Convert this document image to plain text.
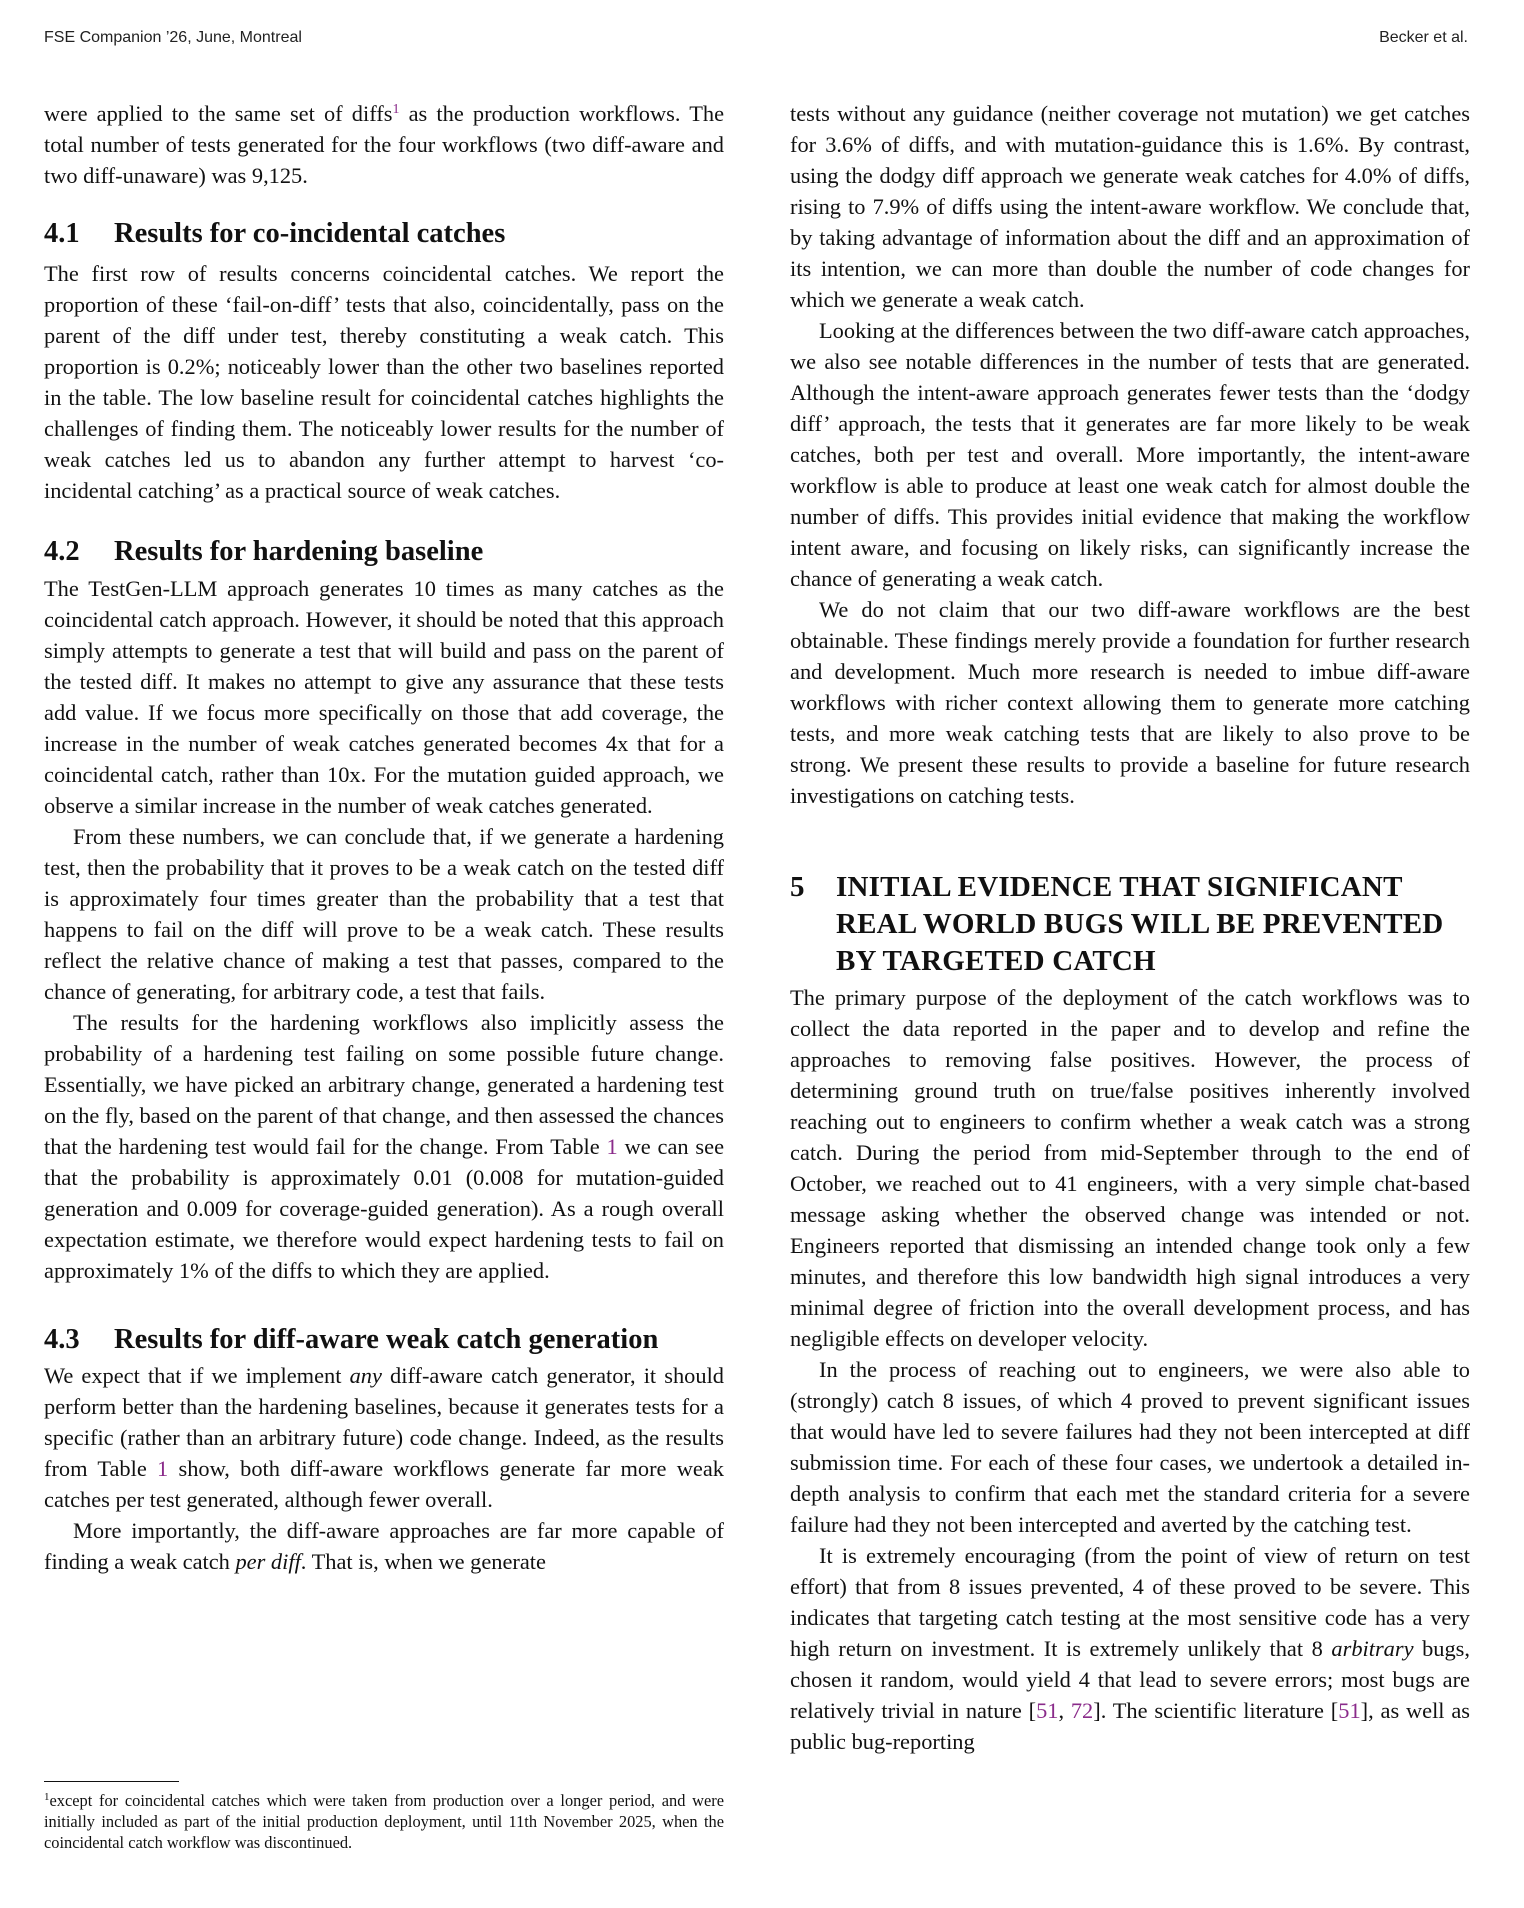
FSE Companion ’26, June, Montreal	Becker et al.

were applied to the same set of diffs$^1$ as the production workflows. The total number of tests generated for the four workflows (two diff-aware and two diff-unaware) was 9,125.

4.1	Results for co-incidental catches

The first row of results concerns coincidental catches. We report the proportion of these ‘fail-on-diff’ tests that also, coincidentally, pass on the parent of the diff under test, thereby constituting a weak catch. This proportion is 0.2%; noticeably lower than the other two baselines reported in the table. The low baseline result for coincidental catches highlights the challenges of finding them. The noticeably lower results for the number of weak catches led us to abandon any further attempt to harvest ‘co-incidental catching’ as a practical source of weak catches.

4.2	Results for hardening baseline

The TestGen-LLM approach generates 10 times as many catches as the coincidental catch approach. However, it should be noted that this approach simply attempts to generate a test that will build and pass on the parent of the tested diff. It makes no attempt to give any assurance that these tests add value. If we focus more specifically on those that add coverage, the increase in the number of weak catches generated becomes 4x that for a coincidental catch, rather than 10x. For the mutation guided approach, we observe a similar increase in the number of weak catches generated.

From these numbers, we can conclude that, if we generate a hardening test, then the probability that it proves to be a weak catch on the tested diff is approximately four times greater than the probability that a test that happens to fail on the diff will prove to be a weak catch. These results reflect the relative chance of making a test that passes, compared to the chance of generating, for arbitrary code, a test that fails.

The results for the hardening workflows also implicitly assess the probability of a hardening test failing on some possible future change. Essentially, we have picked an arbitrary change, generated a hardening test on the fly, based on the parent of that change, and then assessed the chances that the hardening test would fail for the change. From Table 1 we can see that the probability is approximately 0.01 (0.008 for mutation-guided generation and 0.009 for coverage-guided generation). As a rough overall expectation estimate, we therefore would expect hardening tests to fail on approximately 1% of the diffs to which they are applied.

4.3	Results for diff-aware weak catch generation

We expect that if we implement any diff-aware catch generator, it should perform better than the hardening baselines, because it generates tests for a specific (rather than an arbitrary future) code change. Indeed, as the results from Table 1 show, both diff-aware workflows generate far more weak catches per test generated, although fewer overall.

More importantly, the diff-aware approaches are far more capable of finding a weak catch per diff. That is, when we generate

$^1$except for coincidental catches which were taken from production over a longer period, and were initially included as part of the initial production deployment, until 11th November 2025, when the coincidental catch workflow was discontinued.

tests without any guidance (neither coverage not mutation) we get catches for 3.6% of diffs, and with mutation-guidance this is 1.6%. By contrast, using the dodgy diff approach we generate weak catches for 4.0% of diffs, rising to 7.9% of diffs using the intent-aware workflow. We conclude that, by taking advantage of information about the diff and an approximation of its intention, we can more than double the number of code changes for which we generate a weak catch.

Looking at the differences between the two diff-aware catch approaches, we also see notable differences in the number of tests that are generated. Although the intent-aware approach generates fewer tests than the ‘dodgy diff’ approach, the tests that it generates are far more likely to be weak catches, both per test and overall. More importantly, the intent-aware workflow is able to produce at least one weak catch for almost double the number of diffs. This provides initial evidence that making the workflow intent aware, and focusing on likely risks, can significantly increase the chance of generating a weak catch.

We do not claim that our two diff-aware workflows are the best obtainable. These findings merely provide a foundation for further research and development. Much more research is needed to imbue diff-aware workflows with richer context allowing them to generate more catching tests, and more weak catching tests that are likely to also prove to be strong. We present these results to provide a baseline for future research investigations on catching tests.

5	INITIAL EVIDENCE THAT SIGNIFICANT REAL WORLD BUGS WILL BE PREVENTED BY TARGETED CATCH

The primary purpose of the deployment of the catch workflows was to collect the data reported in the paper and to develop and refine the approaches to removing false positives. However, the process of determining ground truth on true/false positives inherently involved reaching out to engineers to confirm whether a weak catch was a strong catch. During the period from mid-September through to the end of October, we reached out to 41 engineers, with a very simple chat-based message asking whether the observed change was intended or not. Engineers reported that dismissing an intended change took only a few minutes, and therefore this low bandwidth high signal introduces a very minimal degree of friction into the overall development process, and has negligible effects on developer velocity.

In the process of reaching out to engineers, we were also able to (strongly) catch 8 issues, of which 4 proved to prevent significant issues that would have led to severe failures had they not been intercepted at diff submission time. For each of these four cases, we undertook a detailed in-depth analysis to confirm that each met the standard criteria for a severe failure had they not been intercepted and averted by the catching test.

It is extremely encouraging (from the point of view of return on test effort) that from 8 issues prevented, 4 of these proved to be severe. This indicates that targeting catch testing at the most sensitive code has a very high return on investment. It is extremely unlikely that 8 arbitrary bugs, chosen it random, would yield 4 that lead to severe errors; most bugs are relatively trivial in nature [51, 72]. The scientific literature [51], as well as public bug-reporting
